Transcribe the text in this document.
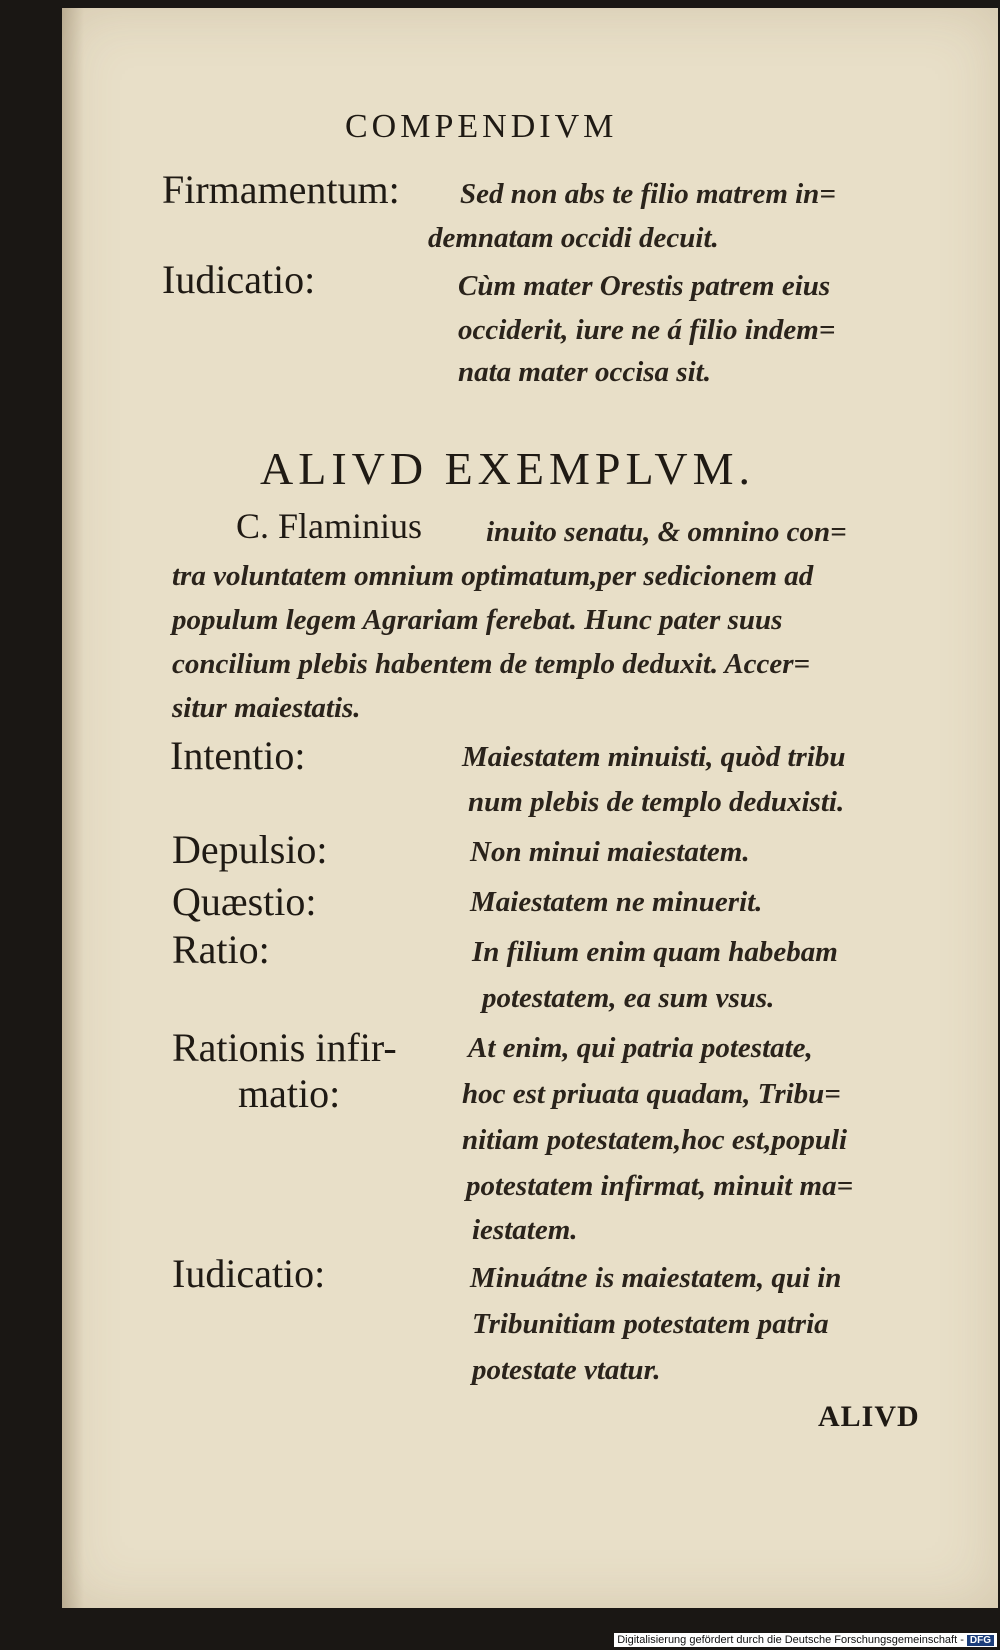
COMPENDIVM
Firmamentum: Sed non abs te filio matrem in=
demnatam occidi decuit.
Iudicatio:	Cùm mater Orestis patrem eius
occiderit, iure ne á filio indem=
nata mater occisa sit.
ALIVD EXEMPLVM.
C. Flaminius inuito senatu, & omnino con=
tra voluntatem omnium optimatum,per sedicionem ad
populum legem Agrariam ferebat. Hunc pater suus
concilium plebis habentem de templo deduxit. Accer=
situr maiestatis.
Intentio:	Maiestatem minuisti, quòd tribu
num plebis de templo deduxisti.
Depulsio:	Non minui maiestatem.
Quæstio:	Maiestatem ne minuerit.
Ratio:	In filium enim quam habebam
potestatem, ea sum vsus.
Rationis infir-
matio:
At enim, qui patria potestate,
hoc est priuata quadam, Tribu=
nitiam potestatem,hoc est,populi
potestatem infirmat, minuit ma=
iestatem.
Iudicatio:	Minuátne is maiestatem, qui in
Tribunitiam potestatem patria
potestate vtatur.
ALIVD
Digitalisierung gefördert durch die Deutsche Forschungsgemeinschaft - DFG
